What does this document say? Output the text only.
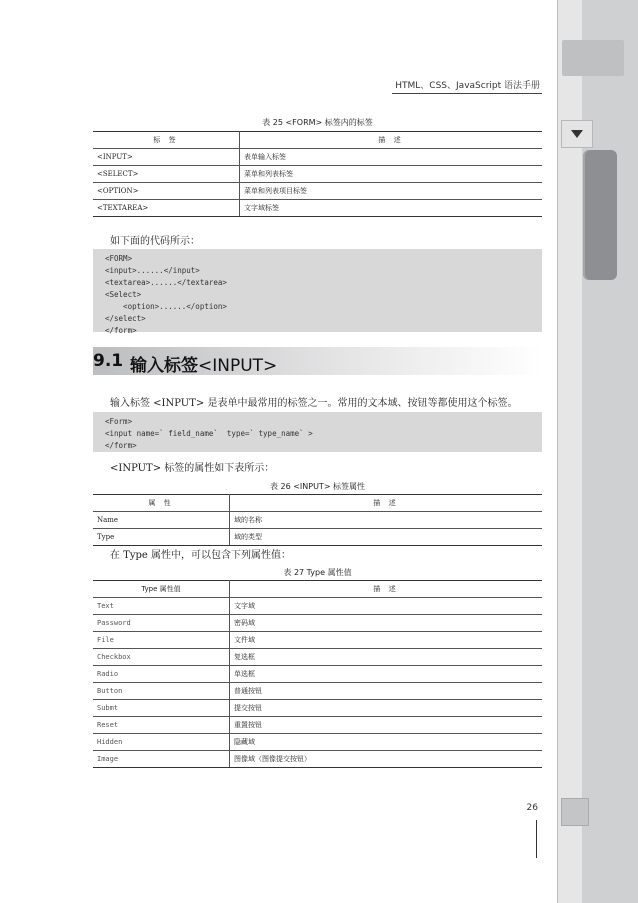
HTML、CSS、JavaScript 语法手册
表 25 <FORM> 标签内的标签
标 签	描 述
<INPUT>	表单输入标签
<SELECT>	菜单和列表标签
<OPTION>	菜单和列表项目标签
<TEXTAREA>	文字域标签
如下面的代码所示：
<FORM>
<input>......</input>
<textarea>......</textarea>
<Select>
<option>......</option>
</select>
</form>
9.1 输入标签<INPUT>
输入标签 <INPUT> 是表单中最常用的标签之一。常用的文本域、按钮等都使用这个标签。
<Form>
<input name=` field_name`  type=` type_name` >
</form>
<INPUT> 标签的属性如下表所示：
表 26 <INPUT> 标签属性
属 性	描 述
Name	域的名称
Type	域的类型
在 Type 属性中，可以包含下列属性值：
表 27 Type 属性值
Type 属性值	描 述
Text	文字域
Password	密码域
File	文件域
Checkbox	复选框
Radio	单选框
Button	普通按钮
Submt	提交按钮
Reset	重置按钮
Hidden	隐藏域
Image	图像域（图像提交按钮）
26
